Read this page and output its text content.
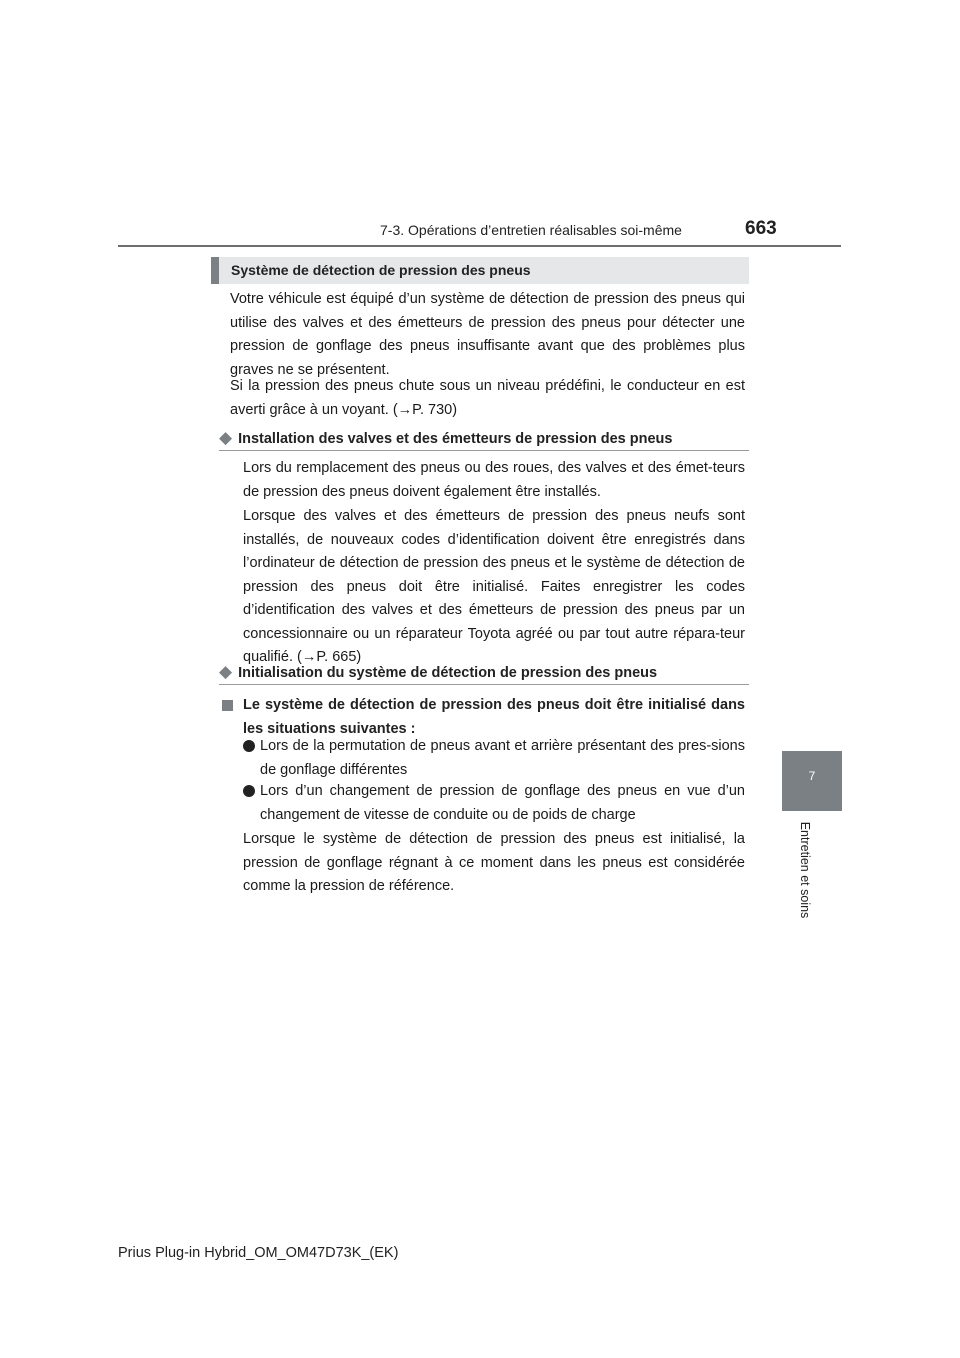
7-3. Opérations d’entretien réalisables soi-même	663
7
Entretien et soins
Système de détection de pression des pneus
Votre véhicule est équipé d’un système de détection de pression des pneus qui utilise des valves et des émetteurs de pression des pneus pour détecter une pression de gonflage des pneus insuffisante avant que des problèmes plus graves ne se présentent.
Si la pression des pneus chute sous un niveau prédéfini, le conducteur en est averti grâce à un voyant. (→P. 730)
◆ Installation des valves et des émetteurs de pression des pneus
Lors du remplacement des pneus ou des roues, des valves et des émet-teurs de pression des pneus doivent également être installés.
Lorsque des valves et des émetteurs de pression des pneus neufs sont installés, de nouveaux codes d’identification doivent être enregistrés dans l’ordinateur de détection de pression des pneus et le système de détection de pression des pneus doit être initialisé. Faites enregistrer les codes d’identification des valves et des émetteurs de pression des pneus par un concessionnaire ou un réparateur Toyota agréé ou par tout autre répara-teur qualifié. (→P. 665)
◆ Initialisation du système de détection de pression des pneus
Le système de détection de pression des pneus doit être initialisé dans les situations suivantes :
Lors de la permutation de pneus avant et arrière présentant des pres-sions de gonflage différentes
Lors d’un changement de pression de gonflage des pneus en vue d’un changement de vitesse de conduite ou de poids de charge
Lorsque le système de détection de pression des pneus est initialisé, la pression de gonflage régnant à ce moment dans les pneus est considérée comme la pression de référence.
Prius Plug-in Hybrid_OM_OM47D73K_(EK)
